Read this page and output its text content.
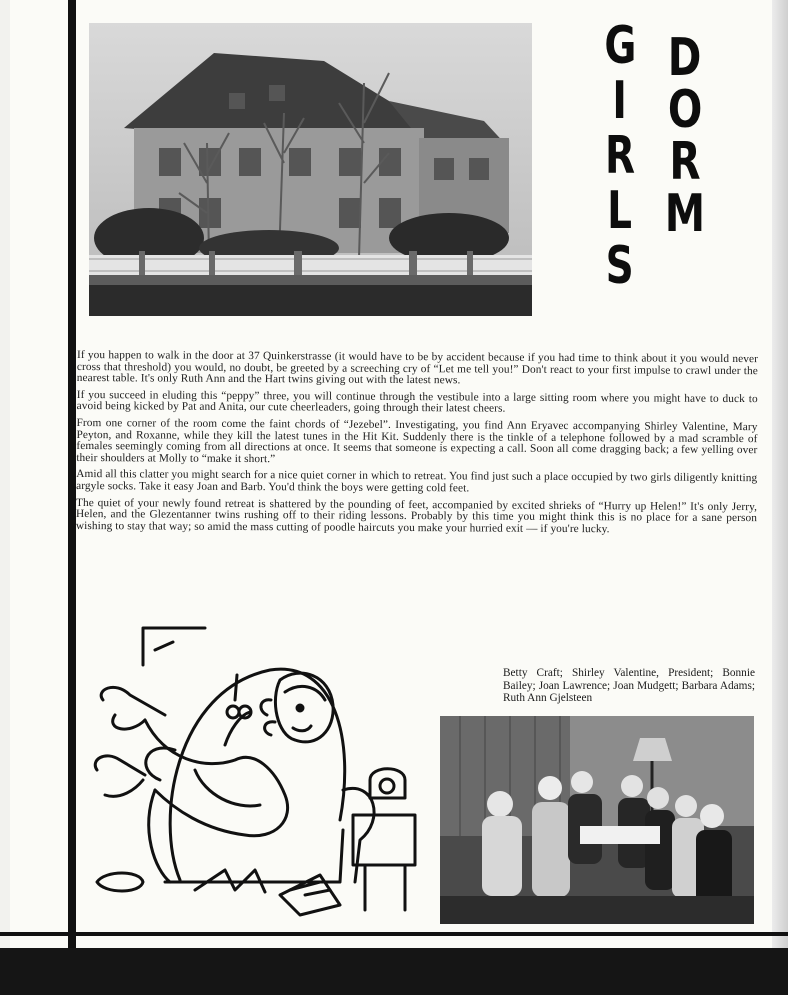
G
I
R
L
S
D
O
R
M

If you happen to walk in the door at 37 Quinkerstrasse (it would have to be by accident because if you had time to think about it you would never cross that threshold) you would, no doubt, be greeted by a screeching cry of “Let me tell you!” Don't react to your first impulse to crawl under the nearest table. It's only Ruth Ann and the Hart twins giving out with the latest news.

If you succeed in eluding this “peppy” three, you will continue through the vestibule into a large sitting room where you might have to duck to avoid being kicked by Pat and Anita, our cute cheerleaders, going through their latest cheers.

From one corner of the room come the faint chords of “Jezebel”. Investigating, you find Ann Eryavec accompanying Shirley Valentine, Mary Peyton, and Roxanne, while they kill the latest tunes in the Hit Kit. Suddenly there is the tinkle of a telephone followed by a mad scramble of females seemingly coming from all directions at once. It seems that someone is expecting a call. Soon all come dragging back; a few yelling over their shoulders at Molly to “make it short.”

Amid all this clatter you might search for a nice quiet corner in which to retreat. You find just such a place occupied by two girls diligently knitting argyle socks. Take it easy Joan and Barb. You'd think the boys were getting cold feet.

The quiet of your newly found retreat is shattered by the pounding of feet, accompanied by excited shrieks of “Hurry up Helen!” It's only Jerry, Helen, and the Glezentanner twins rushing off to their riding lessons. Probably by this time you might think this is no place for a sane person wishing to stay that way; so amid the mass cutting of poodle haircuts you make your hurried exit — if you're lucky.

Betty Craft; Shirley Valentine, President; Bonnie Bailey; Joan Lawrence; Joan Mudgett; Barbara Adams; Ruth Ann Gjelsteen
